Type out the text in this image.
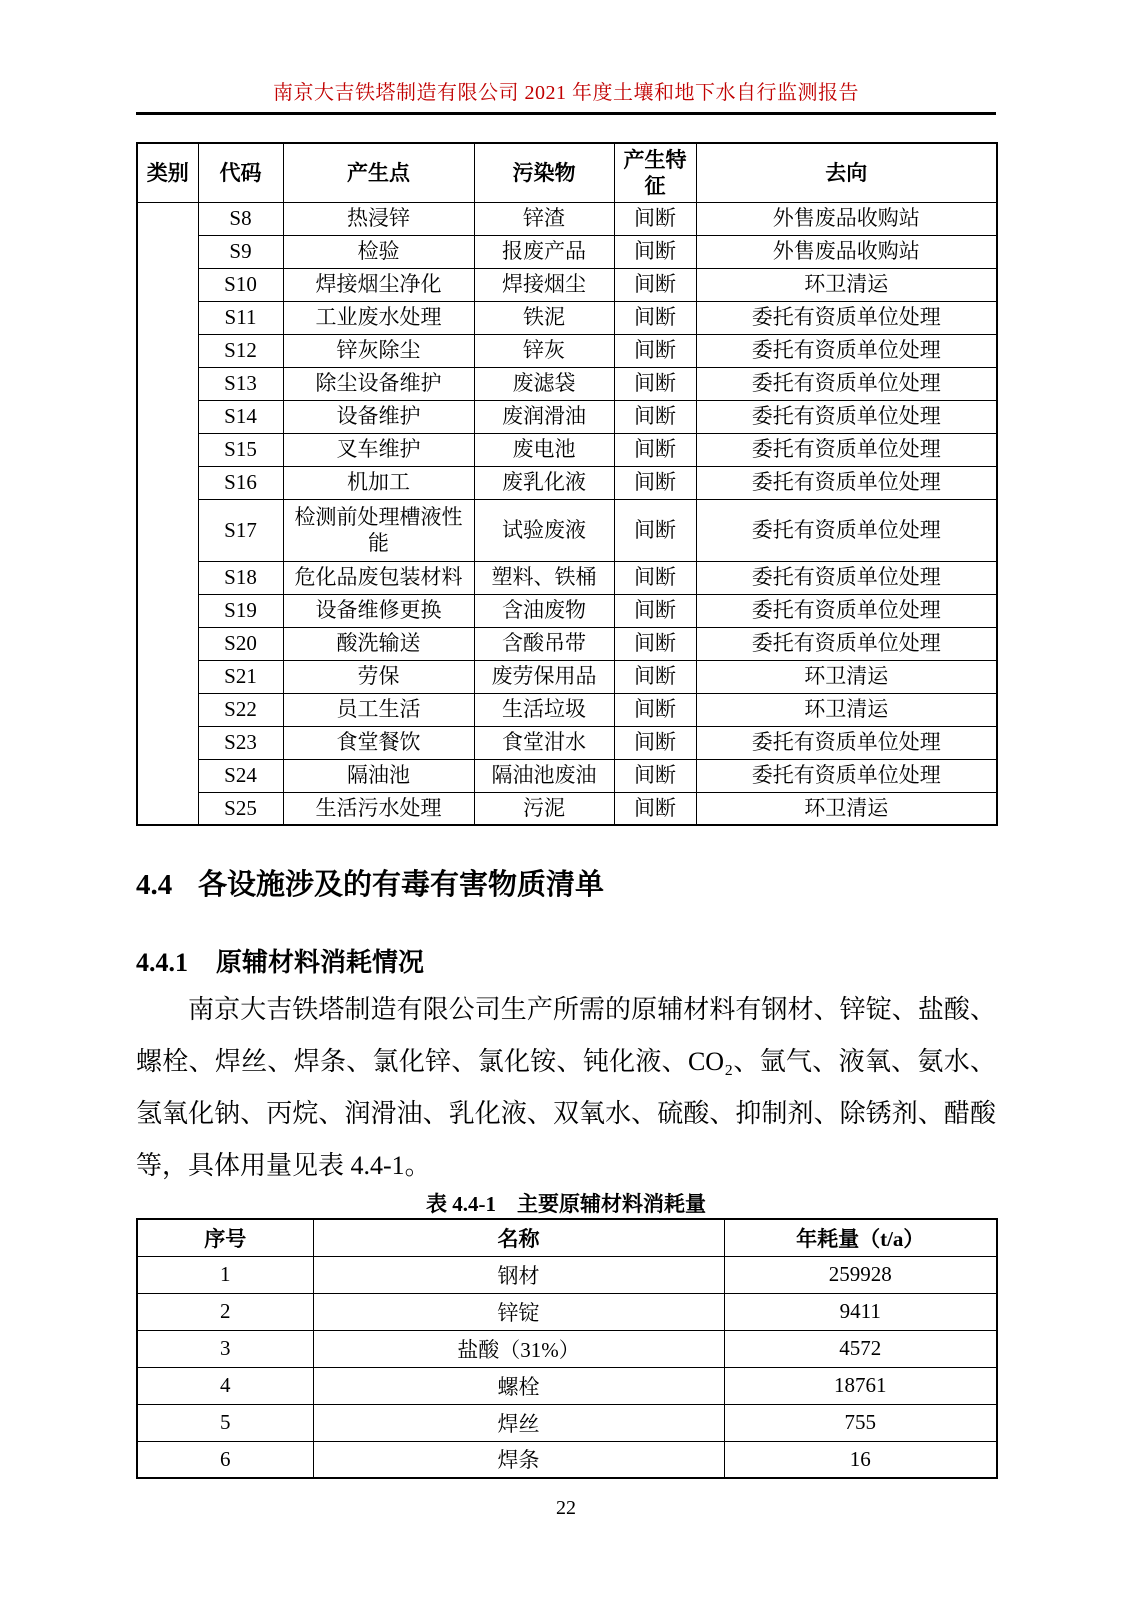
南京大吉铁塔制造有限公司 2021 年度土壤和地下水自行监测报告
类别	代码	产生点	污染物	产生特征	去向
	S8	热浸锌	锌渣	间断	外售废品收购站
	S9	检验	报废产品	间断	外售废品收购站
	S10	焊接烟尘净化	焊接烟尘	间断	环卫清运
	S11	工业废水处理	铁泥	间断	委托有资质单位处理
	S12	锌灰除尘	锌灰	间断	委托有资质单位处理
	S13	除尘设备维护	废滤袋	间断	委托有资质单位处理
	S14	设备维护	废润滑油	间断	委托有资质单位处理
	S15	叉车维护	废电池	间断	委托有资质单位处理
	S16	机加工	废乳化液	间断	委托有资质单位处理
	S17	检测前处理槽液性能	试验废液	间断	委托有资质单位处理
	S18	危化品废包装材料	塑料、铁桶	间断	委托有资质单位处理
	S19	设备维修更换	含油废物	间断	委托有资质单位处理
	S20	酸洗输送	含酸吊带	间断	委托有资质单位处理
	S21	劳保	废劳保用品	间断	环卫清运
	S22	员工生活	生活垃圾	间断	环卫清运
	S23	食堂餐饮	食堂泔水	间断	委托有资质单位处理
	S24	隔油池	隔油池废油	间断	委托有资质单位处理
	S25	生活污水处理	污泥	间断	环卫清运
4.4 各设施涉及的有毒有害物质清单
4.4.1 原辅材料消耗情况
南京大吉铁塔制造有限公司生产所需的原辅材料有钢材、锌锭、盐酸、
螺栓、焊丝、焊条、氯化锌、氯化铵、钝化液、CO₂、氩气、液氧、氨水、
氢氧化钠、丙烷、润滑油、乳化液、双氧水、硫酸、抑制剂、除锈剂、醋酸
等，具体用量见表 4.4-1。
表 4.4-1　主要原辅材料消耗量
序号	名称	年耗量（t/a）
1	钢材	259928
2	锌锭	9411
3	盐酸（31%）	4572
4	螺栓	18761
5	焊丝	755
6	焊条	16
22
